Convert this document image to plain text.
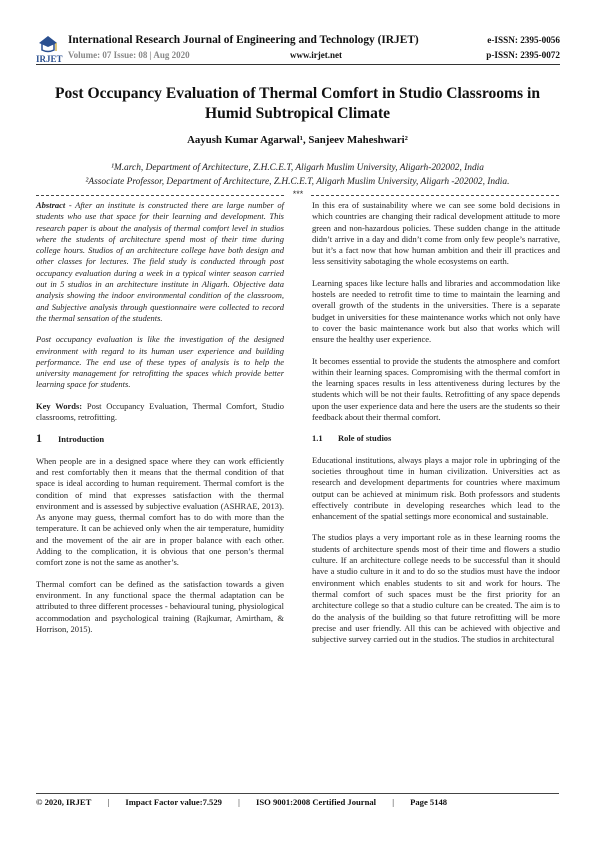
IRJET
International Research Journal of Engineering and Technology (IRJET)	e-ISSN: 2395-0056
Volume: 07 Issue: 08 | Aug 2020	www.irjet.net	p-ISSN: 2395-0072
Post Occupancy Evaluation of Thermal Comfort in Studio Classrooms in
Humid Subtropical Climate
Aayush Kumar Agarwal¹, Sanjeev Maheshwari²
¹M.arch, Department of Architecture, Z.H.C.E.T, Aligarh Muslim University, Aligarh-202002, India
²Associate Professor, Department of Architecture, Z.H.C.E.T, Aligarh Muslim University, Aligarh -202002, India.
***

Abstract - After an institute is constructed there are large number of students who use that space for their learning and development. This research paper is about the analysis of thermal comfort level in studios where the students of architecture spend most of their time during college hours. Studios of an architecture college have both design and other classes for lectures. The field study is conducted through post occupancy evaluation during a week in a typical winter season carried out in 5 studios in an architecture institute in Aligarh. Objective data analysis showing the indoor environmental condition of the classroom, and Subjective analysis through questionnaire were collected to record the thermal sensation of the students.

Post occupancy evaluation is like the investigation of the designed environment with regard to its human user experience and building performance. The end use of these types of analysis is to help the university management for retrofitting the spaces which provide better learning space for students.

Key Words: Post Occupancy Evaluation, Thermal Comfort, Studio classrooms, retrofitting.

1	Introduction

When people are in a designed space where they can work efficiently and rest comfortably then it means that the thermal condition of that space is ideal according to human requirement. Thermal comfort is the condition of mind that expresses satisfaction with the thermal environment and is assessed by subjective evaluation (ASHRAE, 2013). As anyone may guess, thermal comfort has to do with more than the temperature. It can be achieved only when the air temperature, humidity and the movement of the air are in proper balance with each other. Adding to the complication, it is obvious that one person’s thermal comfort zone is not the same as another’s.

Thermal comfort can be defined as the satisfaction towards a given environment. In any functional space the thermal adaptation can be attributed to three different processes - behavioural tuning, physiological accommodation and psychological training (Rajkumar, Amirtham, & Horrison, 2015).

In this era of sustainability where we can see some bold decisions in which countries are changing their radical development attitude to more green and non-hazardous policies. These sudden change in the attitude didn’t arrive in a day and didn’t come from only few people’s narrative, but it’s a fact now that how human ambition and their ill practices and less sensitivity sabotaging the whole ecosystems on earth.

Learning spaces like lecture halls and libraries and accommodation like hostels are needed to retrofit time to time to maintain the learning and overall growth of the students in the universities. There is a separate budget in universities for these maintenance works which not only have to cover the basic maintenance work but also that works which will ensure the healthy user experience.

It becomes essential to provide the students the atmosphere and comfort within their learning spaces. Compromising with the thermal comfort in the learning spaces results in less attentiveness during lectures by the students which will be not their faults. Retrofitting of any space depends upon the user experience data and here the users are the students so their feedback about their thermal comfort.

1.1	Role of studios

Educational institutions, always plays a major role in upbringing of the societies throughout time in human civilization. Universities act as research and development departments for countries where maximum output can be achieved at minimum risk. Both professors and students effectively contribute in developing researches which lead to the enhancement of the spatial settings more economical and sustainable.

The studios plays a very important role as in these learning rooms the students of architecture spends most of their time and flowers a studio culture. If an architecture college needs to be successful than it should have a studio culture in it and to do so the studios must have the indoor environment which enables students to sit and work for hours. The thermal comfort of such spaces must be the first priority for an architecture college so that a studio culture can be created. The aim is to do the analysis of the building so that future retrofitting will be more precise and user friendly. All this can be achieved with objective and subjective survey carried out in the studios. The studios in architectural

© 2020, IRJET | Impact Factor value:7.529 | ISO 9001:2008 Certified Journal | Page 5148
